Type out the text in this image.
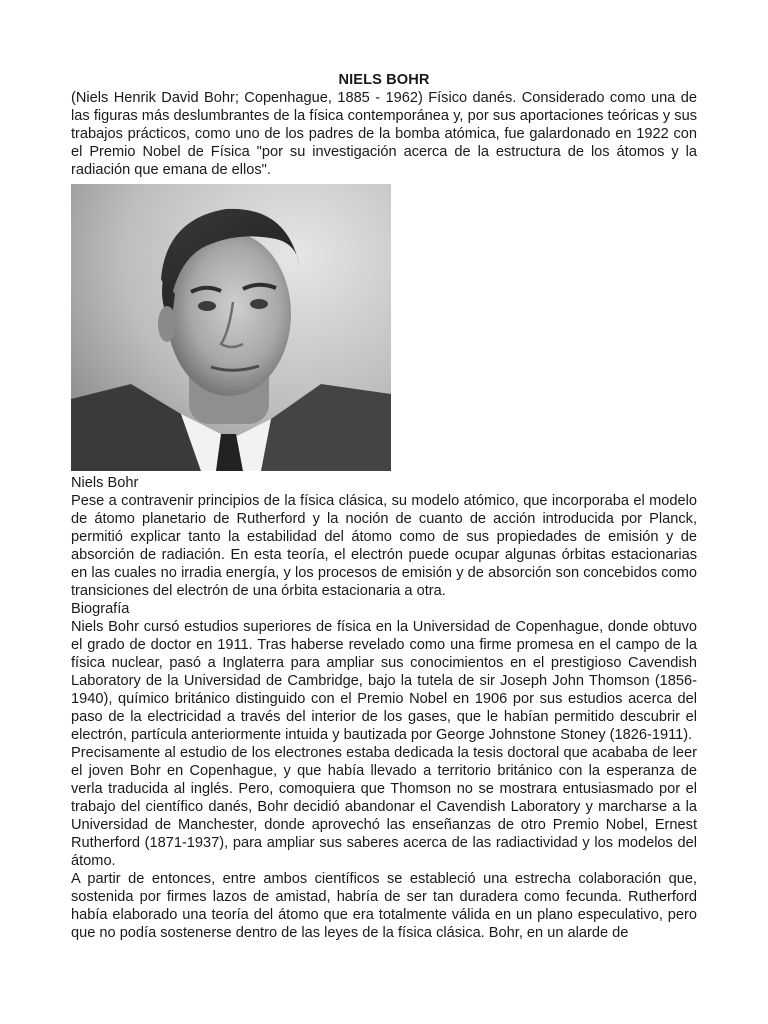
NIELS BOHR

(Niels Henrik David Bohr; Copenhague, 1885 - 1962) Físico danés. Considerado como una de las figuras más deslumbrantes de la física contemporánea y, por sus aportaciones teóricas y sus trabajos prácticos, como uno de los padres de la bomba atómica, fue galardonado en 1922 con el Premio Nobel de Física "por su investigación acerca de la estructura de los átomos y la radiación que emana de ellos".

Niels Bohr

Pese a contravenir principios de la física clásica, su modelo atómico, que incorporaba el modelo de átomo planetario de Rutherford y la noción de cuanto de acción introducida por Planck, permitió explicar tanto la estabilidad del átomo como de sus propiedades de emisión y de absorción de radiación. En esta teoría, el electrón puede ocupar algunas órbitas estacionarias en las cuales no irradia energía, y los procesos de emisión y de absorción son concebidos como transiciones del electrón de una órbita estacionaria a otra.

Biografía

Niels Bohr cursó estudios superiores de física en la Universidad de Copenhague, donde obtuvo el grado de doctor en 1911. Tras haberse revelado como una firme promesa en el campo de la física nuclear, pasó a Inglaterra para ampliar sus conocimientos en el prestigioso Cavendish Laboratory de la Universidad de Cambridge, bajo la tutela de sir Joseph John Thomson (1856-1940), químico británico distinguido con el Premio Nobel en 1906 por sus estudios acerca del paso de la electricidad a través del interior de los gases, que le habían permitido descubrir el electrón, partícula anteriormente intuida y bautizada por George Johnstone Stoney (1826-1911).

Precisamente al estudio de los electrones estaba dedicada la tesis doctoral que acababa de leer el joven Bohr en Copenhague, y que había llevado a territorio británico con la esperanza de verla traducida al inglés. Pero, comoquiera que Thomson no se mostrara entusiasmado por el trabajo del científico danés, Bohr decidió abandonar el Cavendish Laboratory y marcharse a la Universidad de Manchester, donde aprovechó las enseñanzas de otro Premio Nobel, Ernest Rutherford (1871-1937), para ampliar sus saberes acerca de las radiactividad y los modelos del átomo.

A partir de entonces, entre ambos científicos se estableció una estrecha colaboración que, sostenida por firmes lazos de amistad, habría de ser tan duradera como fecunda. Rutherford había elaborado una teoría del átomo que era totalmente válida en un plano especulativo, pero que no podía sostenerse dentro de las leyes de la física clásica. Bohr, en un alarde de
